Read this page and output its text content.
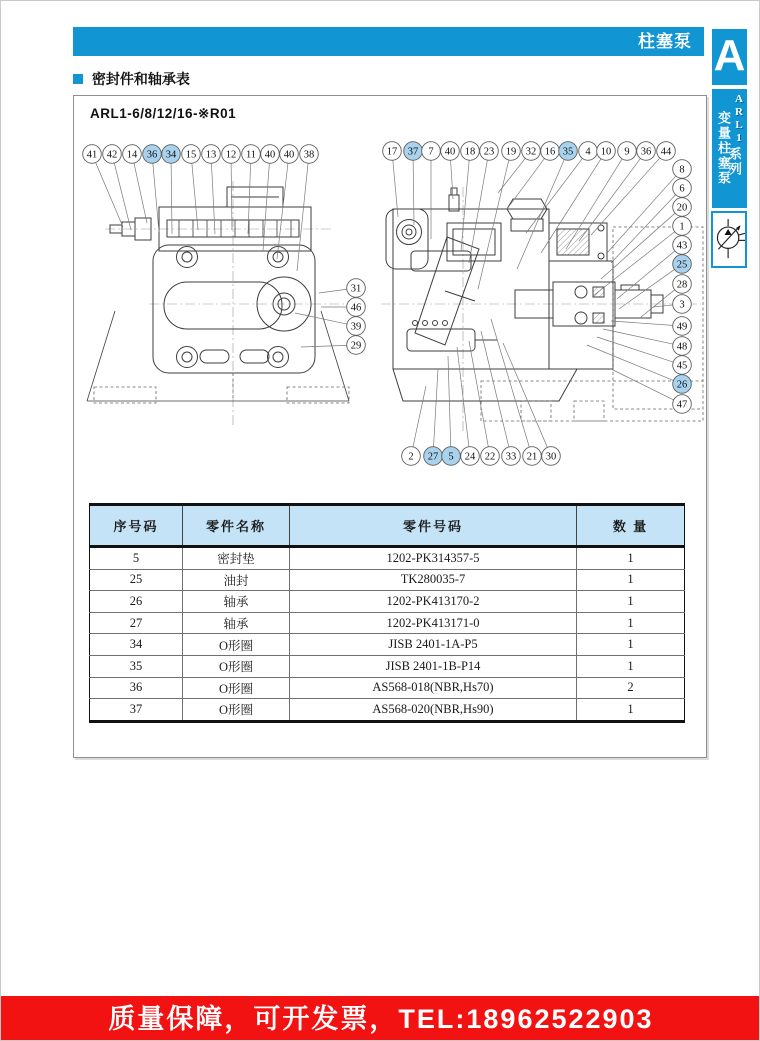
柱塞泵 A
ARL1
系列
变量柱塞泵
密封件和轴承表
ARL1-6/8/12/16-※R01
41 42 14 36 34 15 13 12 11 40 40 38
31
46
39
29
17 37 7 40 18 23 19 32 16 35 4 10 9 36 44
8
6
20
1
43
25
28
3
49
48
45
26
47
2 27 5 24 22 33 21 30
序号码	零件名称	零件号码	数 量
5	密封垫	1202-PK314357-5	1
25	油封	TK280035-7	1
26	轴承	1202-PK413170-2	1
27	轴承	1202-PK413171-0	1
34	O形圈	JISB 2401-1A-P5	1
35	O形圈	JISB 2401-1B-P14	1
36	O形圈	AS568-018(NBR,Hs70)	2
37	O形圈	AS568-020(NBR,Hs90)	1
质量保障，可开发票，TEL:18962522903
